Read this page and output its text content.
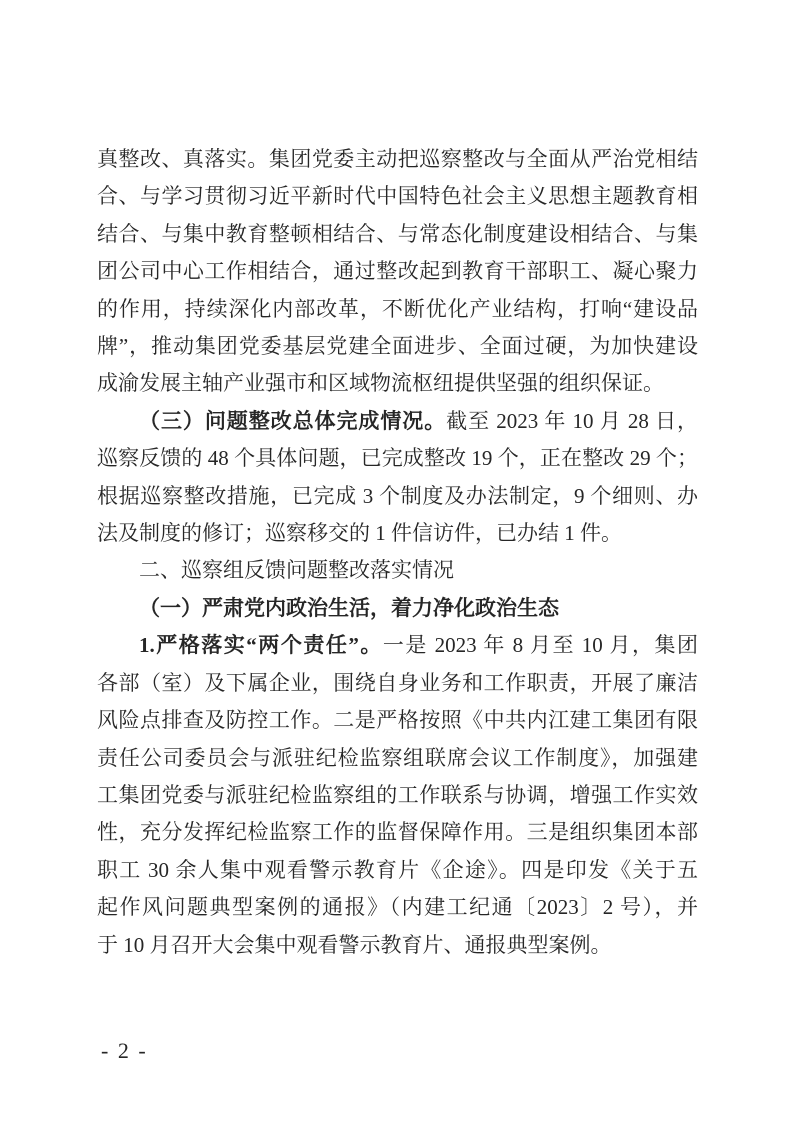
真整改、真落实。集团党委主动把巡察整改与全面从严治党相结
合、与学习贯彻习近平新时代中国特色社会主义思想主题教育相
结合、与集中教育整顿相结合、与常态化制度建设相结合、与集
团公司中心工作相结合，通过整改起到教育干部职工、凝心聚力
的作用，持续深化内部改革，不断优化产业结构，打响“建设品
牌”，推动集团党委基层党建全面进步、全面过硬，为加快建设
成渝发展主轴产业强市和区域物流枢纽提供坚强的组织保证。
（三）问题整改总体完成情况。截至 2023 年 10 月 28 日，
巡察反馈的 48 个具体问题，已完成整改 19 个，正在整改 29 个；
根据巡察整改措施，已完成 3 个制度及办法制定，9 个细则、办
法及制度的修订；巡察移交的 1 件信访件，已办结 1 件。
二、巡察组反馈问题整改落实情况
（一）严肃党内政治生活，着力净化政治生态
1.严格落实“两个责任”。一是 2023 年 8 月至 10 月，集团
各部（室）及下属企业，围绕自身业务和工作职责，开展了廉洁
风险点排查及防控工作。二是严格按照《中共内江建工集团有限
责任公司委员会与派驻纪检监察组联席会议工作制度》，加强建
工集团党委与派驻纪检监察组的工作联系与协调，增强工作实效
性，充分发挥纪检监察工作的监督保障作用。三是组织集团本部
职工 30 余人集中观看警示教育片《企途》。四是印发《关于五
起作风问题典型案例的通报》（内建工纪通〔2023〕2 号），并
于 10 月召开大会集中观看警示教育片、通报典型案例。
- 2 -
